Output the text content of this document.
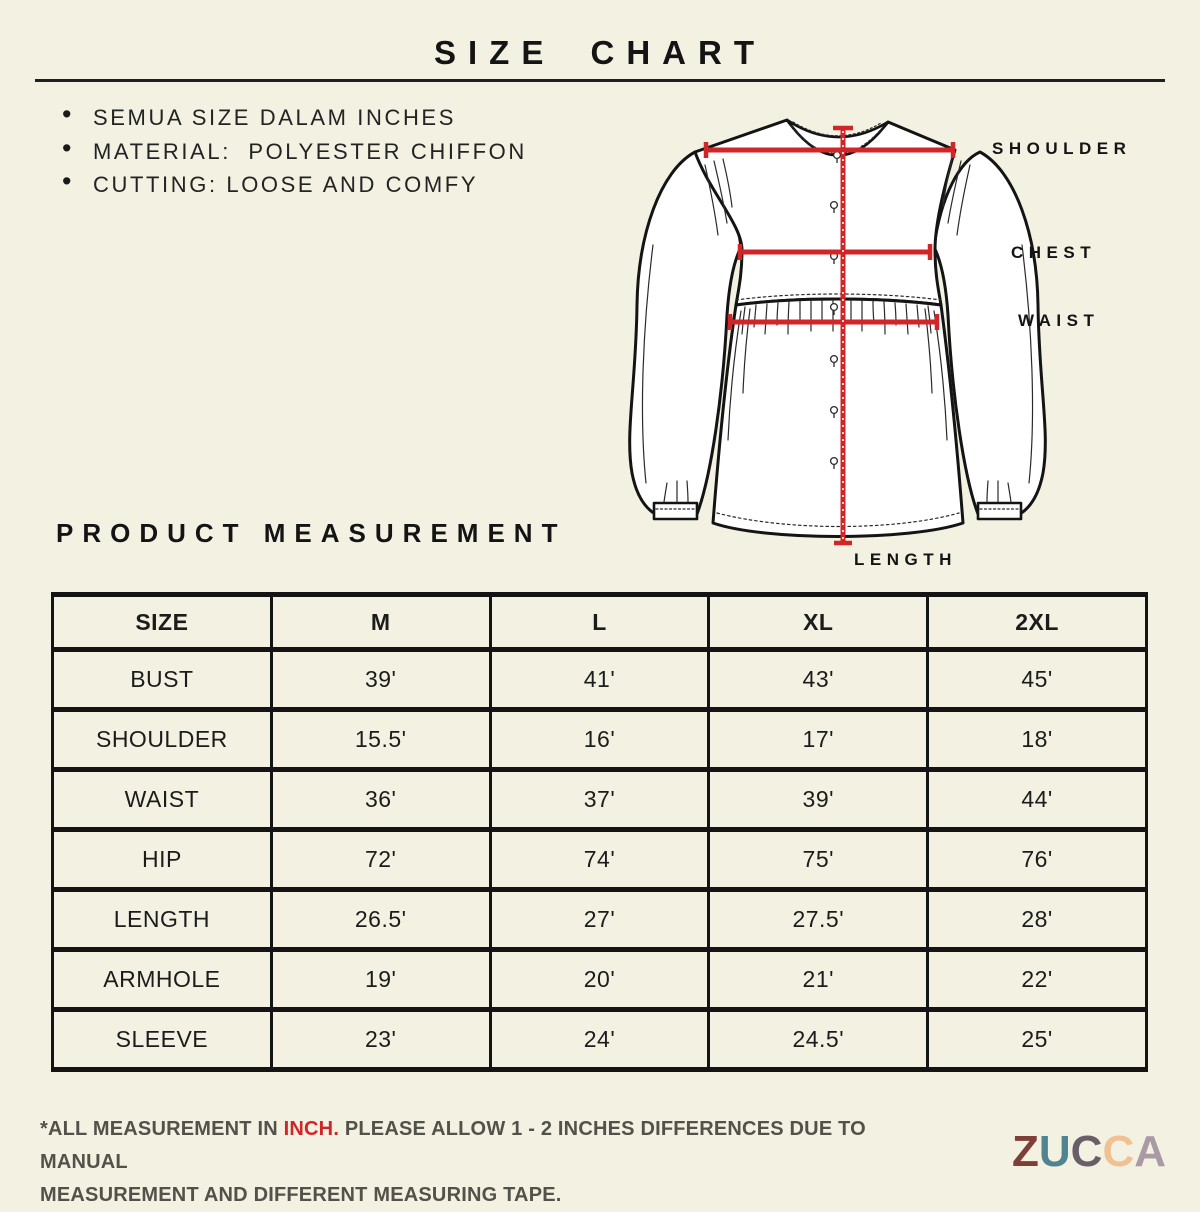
SIZE CHART
• SEMUA SIZE DALAM INCHES
• MATERIAL:  POLYESTER CHIFFON
• CUTTING: LOOSE AND COMFY
SHOULDER
CHEST
WAIST
LENGTH
PRODUCT MEASUREMENT
SIZE	M	L	XL	2XL
BUST	39'	41'	43'	45'
SHOULDER	15.5'	16'	17'	18'
WAIST	36'	37'	39'	44'
HIP	72'	74'	75'	76'
LENGTH	26.5'	27'	27.5'	28'
ARMHOLE	19'	20'	21'	22'
SLEEVE	23'	24'	24.5'	25'
*ALL MEASUREMENT IN INCH. PLEASE ALLOW 1 - 2 INCHES DIFFERENCES DUE TO MANUAL
MEASUREMENT AND DIFFERENT MEASURING TAPE.
ZUCCA
